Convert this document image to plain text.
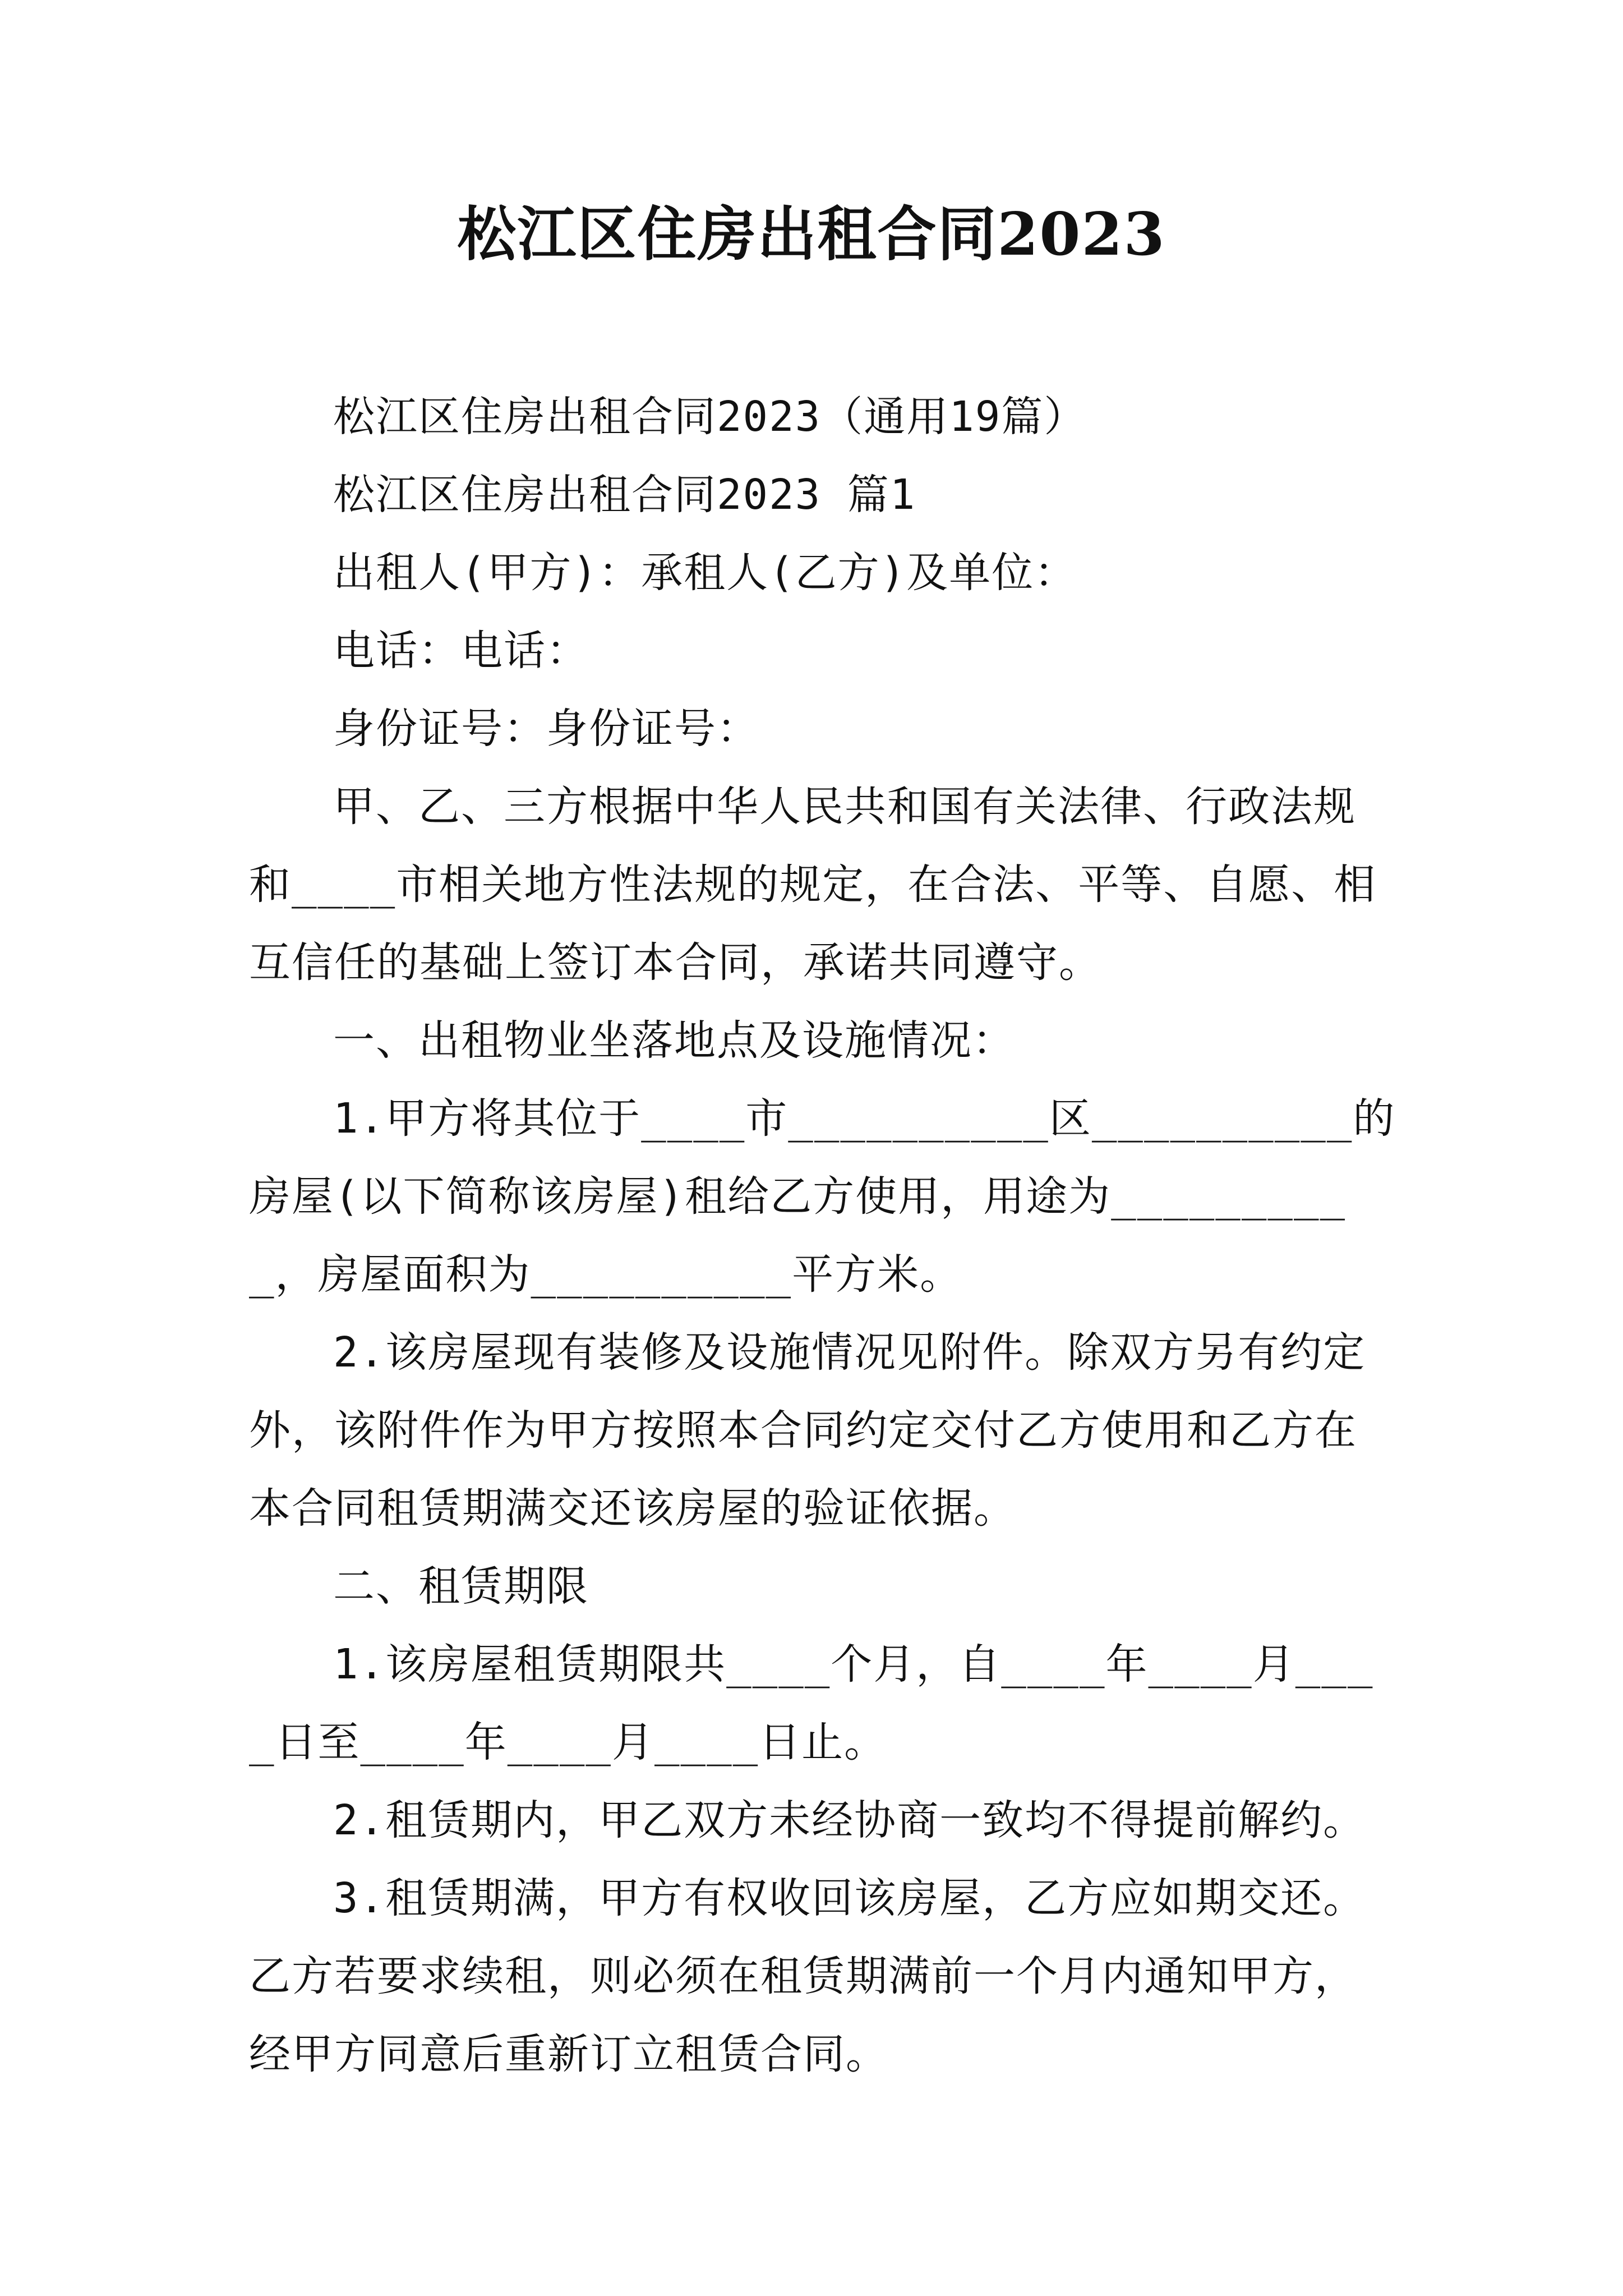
松江区住房出租合同2023

松江区住房出租合同2023（通用19篇）

松江区住房出租合同2023 篇1

出租人(甲方)：承租人(乙方)及单位：

电话：电话：

身份证号：身份证号：

甲、乙、三方根据中华人民共和国有关法律、行政法规和____市相关地方性法规的规定，在合法、平等、自愿、相互信任的基础上签订本合同，承诺共同遵守。

一、出租物业坐落地点及设施情况：

1.甲方将其位于____市__________区__________的房屋(以下简称该房屋)租给乙方使用，用途为__________，房屋面积为__________平方米。

2.该房屋现有装修及设施情况见附件。除双方另有约定外，该附件作为甲方按照本合同约定交付乙方使用和乙方在本合同租赁期满交还该房屋的验证依据。

二、租赁期限

1.该房屋租赁期限共____个月，自____年____月____日至____年____月____日止。

2.租赁期内，甲乙双方未经协商一致均不得提前解约。

3.租赁期满，甲方有权收回该房屋，乙方应如期交还。乙方若要求续租，则必须在租赁期满前一个月内通知甲方，经甲方同意后重新订立租赁合同。
